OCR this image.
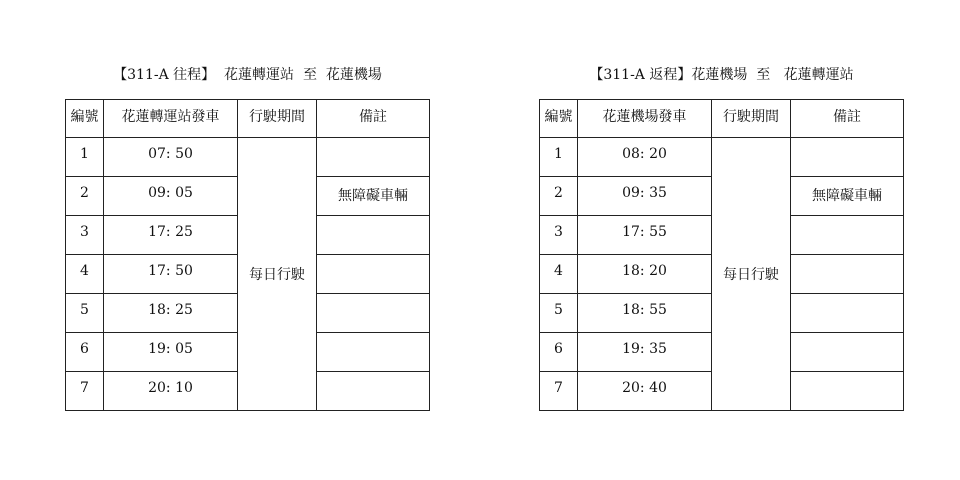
【311-A 往程】  花蓮轉運站  至  花蓮機場
編號	花蓮轉運站發車	行駛期間	備註
1	07: 50	每日行駛	
2	09: 05		無障礙車輛
3	17: 25		
4	17: 50		
5	18: 25		
6	19: 05		
7	20: 10		
【311-A 返程】花蓮機場  至   花蓮轉運站
編號	花蓮機場發車	行駛期間	備註
1	08: 20	每日行駛	
2	09: 35		無障礙車輛
3	17: 55		
4	18: 20		
5	18: 55		
6	19: 35		
7	20: 40		
